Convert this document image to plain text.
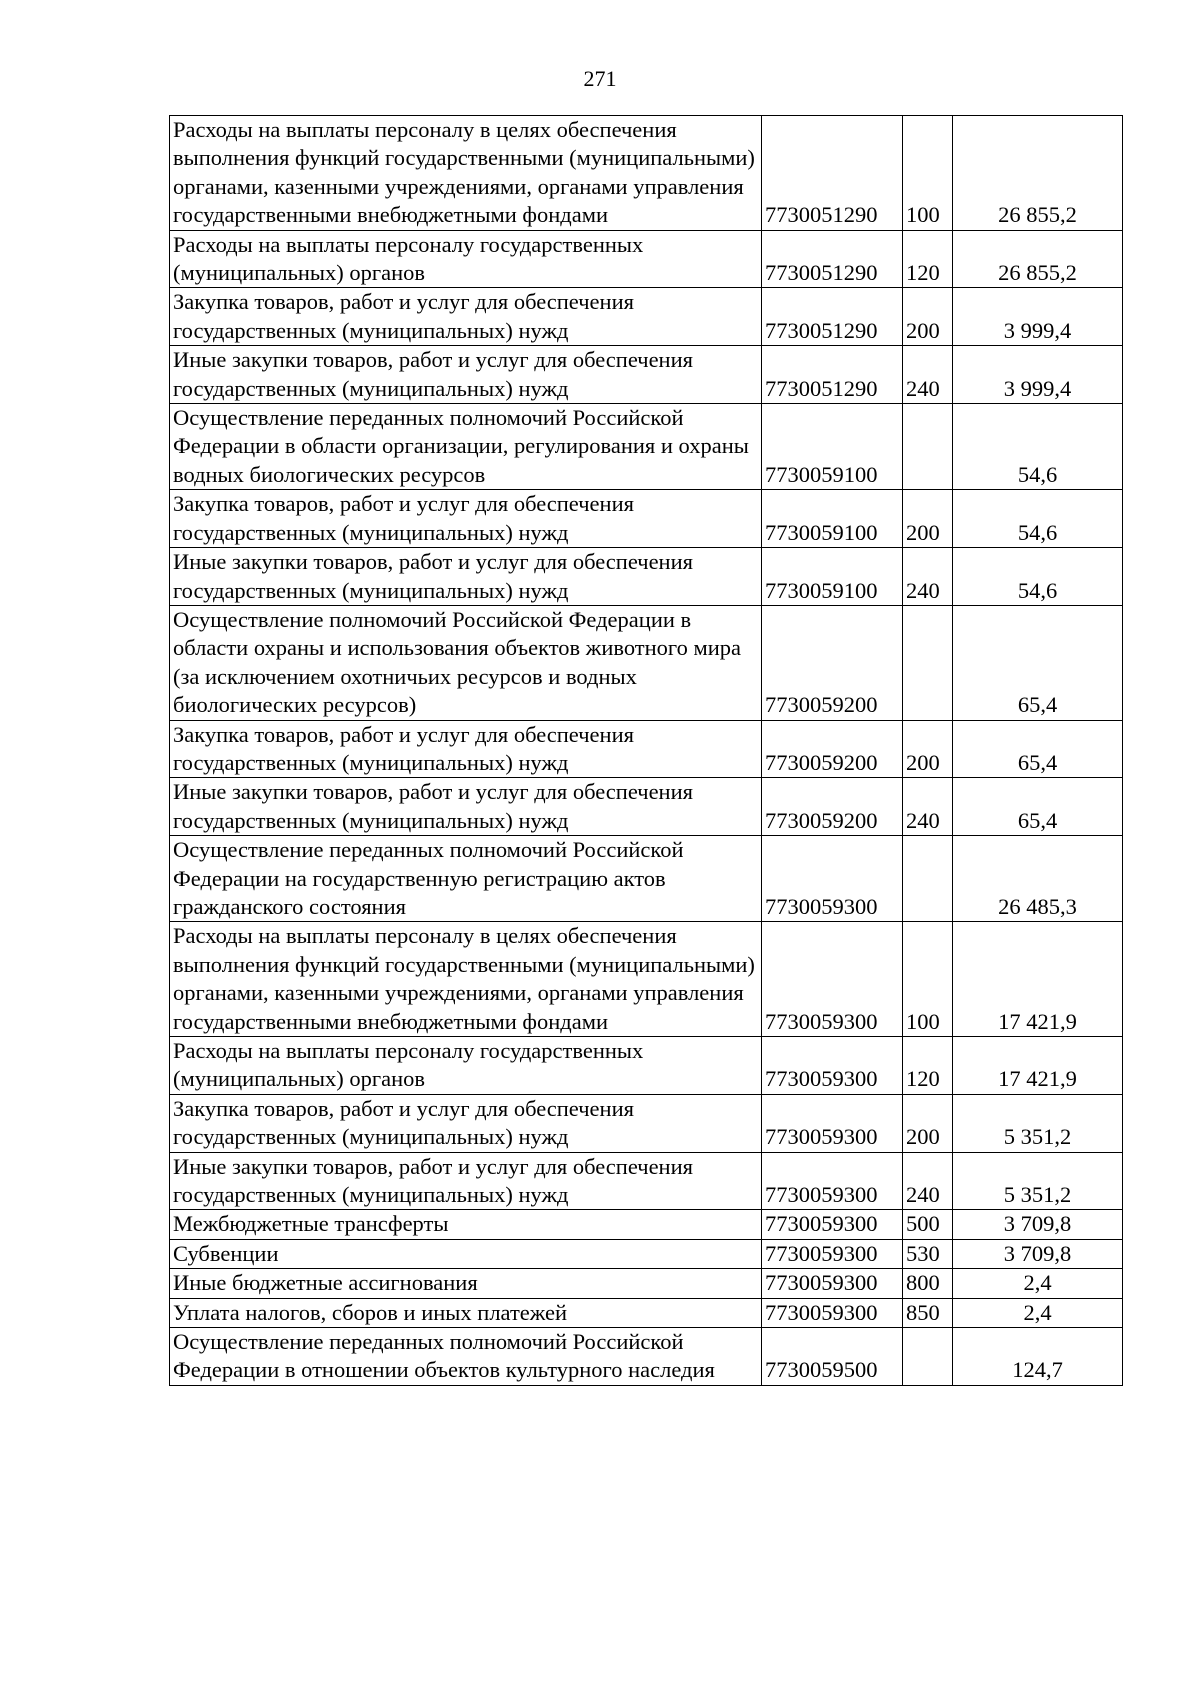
271
Расходы на выплаты персоналу в целях обеспечения выполнения функций государственными (муниципальными) органами, казенными учреждениями, органами управления государственными внебюджетными фондами	7730051290	100	26 855,2
Расходы на выплаты персоналу государственных (муниципальных) органов	7730051290	120	26 855,2
Закупка товаров, работ и услуг для обеспечения государственных (муниципальных) нужд	7730051290	200	3 999,4
Иные закупки товаров, работ и услуг для обеспечения государственных (муниципальных) нужд	7730051290	240	3 999,4
Осуществление переданных полномочий Российской Федерации в области организации, регулирования и охраны водных биологических ресурсов	7730059100		54,6
Закупка товаров, работ и услуг для обеспечения государственных (муниципальных) нужд	7730059100	200	54,6
Иные закупки товаров, работ и услуг для обеспечения государственных (муниципальных) нужд	7730059100	240	54,6
Осуществление полномочий Российской Федерации в области охраны и использования объектов животного мира (за исключением охотничьих ресурсов и водных биологических ресурсов)	7730059200		65,4
Закупка товаров, работ и услуг для обеспечения государственных (муниципальных) нужд	7730059200	200	65,4
Иные закупки товаров, работ и услуг для обеспечения государственных (муниципальных) нужд	7730059200	240	65,4
Осуществление переданных полномочий Российской Федерации на государственную регистрацию актов гражданского состояния	7730059300		26 485,3
Расходы на выплаты персоналу в целях обеспечения выполнения функций государственными (муниципальными) органами, казенными учреждениями, органами управления государственными внебюджетными фондами	7730059300	100	17 421,9
Расходы на выплаты персоналу государственных (муниципальных) органов	7730059300	120	17 421,9
Закупка товаров, работ и услуг для обеспечения государственных (муниципальных) нужд	7730059300	200	5 351,2
Иные закупки товаров, работ и услуг для обеспечения государственных (муниципальных) нужд	7730059300	240	5 351,2
Межбюджетные трансферты	7730059300	500	3 709,8
Субвенции	7730059300	530	3 709,8
Иные бюджетные ассигнования	7730059300	800	2,4
Уплата налогов, сборов и иных платежей	7730059300	850	2,4
Осуществление переданных полномочий Российской Федерации в отношении объектов культурного наследия	7730059500		124,7
